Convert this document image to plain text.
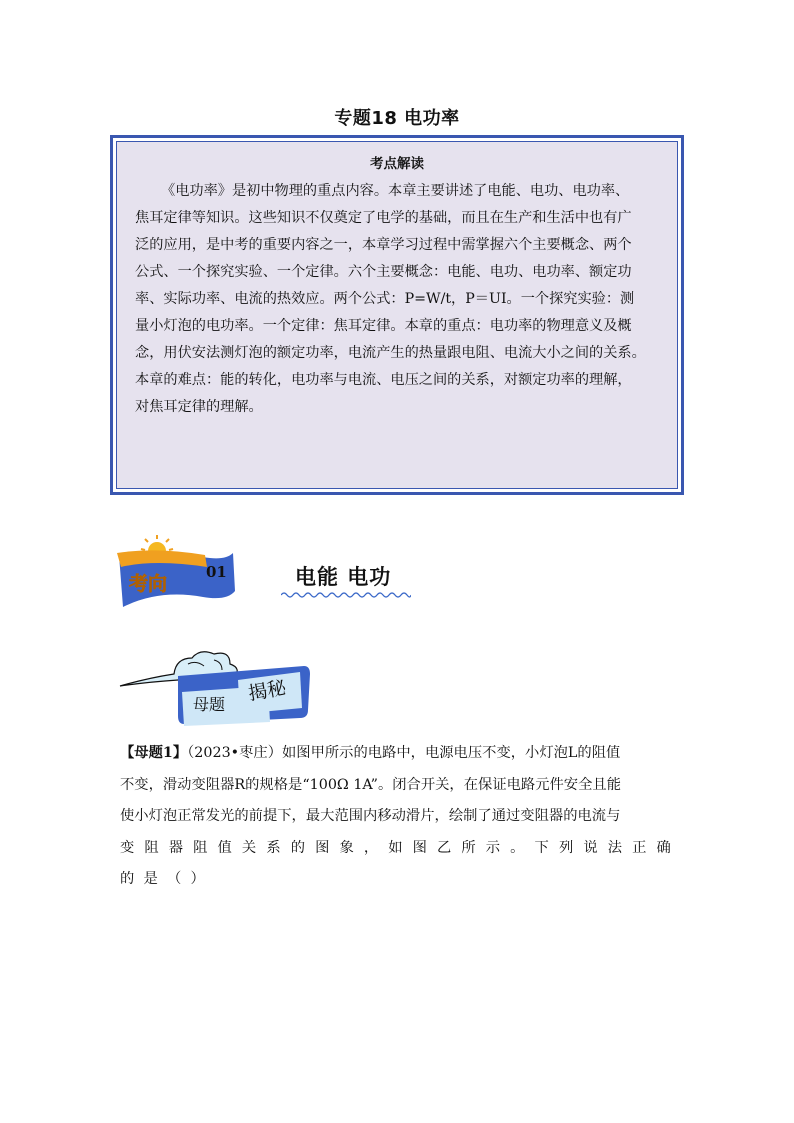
专题18 电功率
考点解读

《电功率》是初中物理的重点内容。本章主要讲述了电能、电功、电功率、

焦耳定律等知识。这些知识不仅奠定了电学的基础，而且在生产和生活中也有广

泛的应用，是中考的重要内容之一，本章学习过程中需掌握六个主要概念、两个

公式、一个探究实验、一个定律。六个主要概念：电能、电功、电功率、额定功

率、实际功率、电流的热效应。两个公式：P=W/t，P＝UI。一个探究实验：测

量小灯泡的电功率。一个定律：焦耳定律。本章的重点：电功率的物理意义及概

念，用伏安法测灯泡的额定功率，电流产生的热量跟电阻、电流大小之间的关系。

本章的难点：能的转化，电功率与电流、电压之间的关系，对额定功率的理解，

对焦耳定律的理解。

考向
01	电能 电功
母题 揭秘

【母题1】（2023•枣庄）如图甲所示的电路中，电源电压不变，小灯泡L的阻值

不变，滑动变阻器R的规格是“100Ω 1A”。闭合开关，在保证电路元件安全且能

使小灯泡正常发光的前提下，最大范围内移动滑片，绘制了通过变阻器的电流与

变阻器阻值关系的图象，如图乙所示。下列说法正确的是（）
